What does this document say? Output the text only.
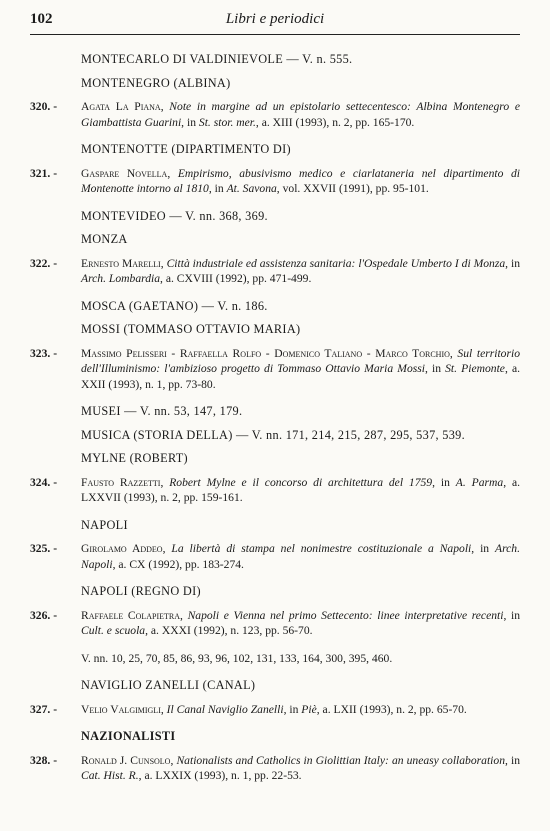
102	Libri e periodici
MONTECARLO DI VALDINIEVOLE — V. n. 555.
MONTENEGRO (ALBINA)
320. - Agata La Piana, Note in margine ad un epistolario settecentesco: Albina Montenegro e Giambattista Guarini, in St. stor. mer., a. XIII (1993), n. 2, pp. 165-170.
MONTENOTTE (DIPARTIMENTO DI)
321. - Gaspare Novella, Empirismo, abusivismo medico e ciarlataneria nel dipartimento di Montenotte intorno al 1810, in At. Savona, vol. XXVII (1991), pp. 95-101.
MONTEVIDEO — V. nn. 368, 369.
MONZA
322. - Ernesto Marelli, Città industriale ed assistenza sanitaria: l'Ospedale Umberto I di Monza, in Arch. Lombardia, a. CXVIII (1992), pp. 471-499.
MOSCA (GAETANO) — V. n. 186.
MOSSI (TOMMASO OTTAVIO MARIA)
323. - Massimo Pelisseri - Raffaella Rolfo - Domenico Taliano - Marco Torchio, Sul territorio dell'Illuminismo: l'ambizioso progetto di Tommaso Ottavio Maria Mossi, in St. Piemonte, a. XXII (1993), n. 1, pp. 73-80.
MUSEI — V. nn. 53, 147, 179.
MUSICA (STORIA DELLA) — V. nn. 171, 214, 215, 287, 295, 537, 539.
MYLNE (ROBERT)
324. - Fausto Razzetti, Robert Mylne e il concorso di architettura del 1759, in A. Parma, a. LXXVII (1993), n. 2, pp. 159-161.
NAPOLI
325. - Girolamo Addeo, La libertà di stampa nel nonimestre costituzionale a Napoli, in Arch. Napoli, a. CX (1992), pp. 183-274.
NAPOLI (REGNO DI)
326. - Raffaele Colapietra, Napoli e Vienna nel primo Settecento: linee interpretative recenti, in Cult. e scuola, a. XXXI (1992), n. 123, pp. 56-70.
V. nn. 10, 25, 70, 85, 86, 93, 96, 102, 131, 133, 164, 300, 395, 460.
NAVIGLIO ZANELLI (CANAL)
327. - Velio Valgimigli, Il Canal Naviglio Zanelli, in Piè, a. LXII (1993), n. 2, pp. 65-70.
NAZIONALISTI
328. - Ronald J. Cunsolo, Nationalists and Catholics in Giolittian Italy: an uneasy collaboration, in Cat. Hist. R., a. LXXIX (1993), n. 1, pp. 22-53.
